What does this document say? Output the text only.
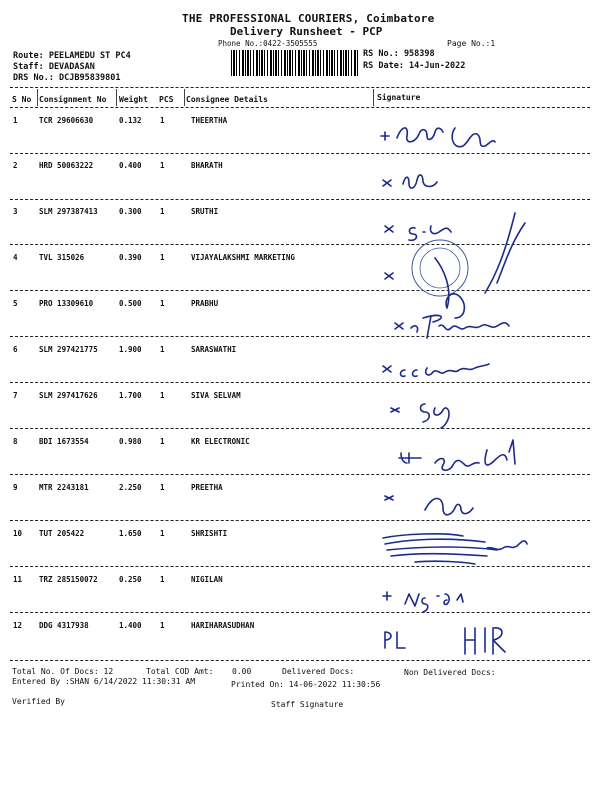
THE PROFESSIONAL COURIERS, Coimbatore
Delivery Runsheet - PCP
Phone No.:0422-3505555	Page No.:1
Route: PEELAMEDU ST PC4
Staff: DEVADASAN
DRS No.: DCJB95839801
RS No.: 958398
RS Date: 14-Jun-2022
S No Consignment No Weight PCS Consignee Details	Signature
1	TCR 29606630	0.132 1	THEERTHA
2	HRD 50063222	0.400 1	BHARATH
3	SLM 297387413	0.300 1	SRUTHI
4	TVL 315026	0.390 1	VIJAYALAKSHMI MARKETING
5	PRO 13309610	0.500 1	PRABHU
6	SLM 297421775	1.900 1	SARASWATHI
7	SLM 297417626	1.700 1	SIVA SELVAM
8	BDI 1673554	0.980 1	KR ELECTRONIC
9	MTR 2243181	2.250 1	PREETHA
10 TUT 205422	1.650 1	SHRISHTI
11 TRZ 285150072	0.250 1	NIGILAN
12 DDG 4317938	1.400 1	HARIHARASUDHAN
Total No. Of Docs: 12	Total COD Amt: 0.00	Delivered Docs:	Non Delivered Docs:
Entered By :SHAN 6/14/2022 11:30:31 AM	Printed On: 14-06-2022 11:30:56
Verified By	Staff Signature
